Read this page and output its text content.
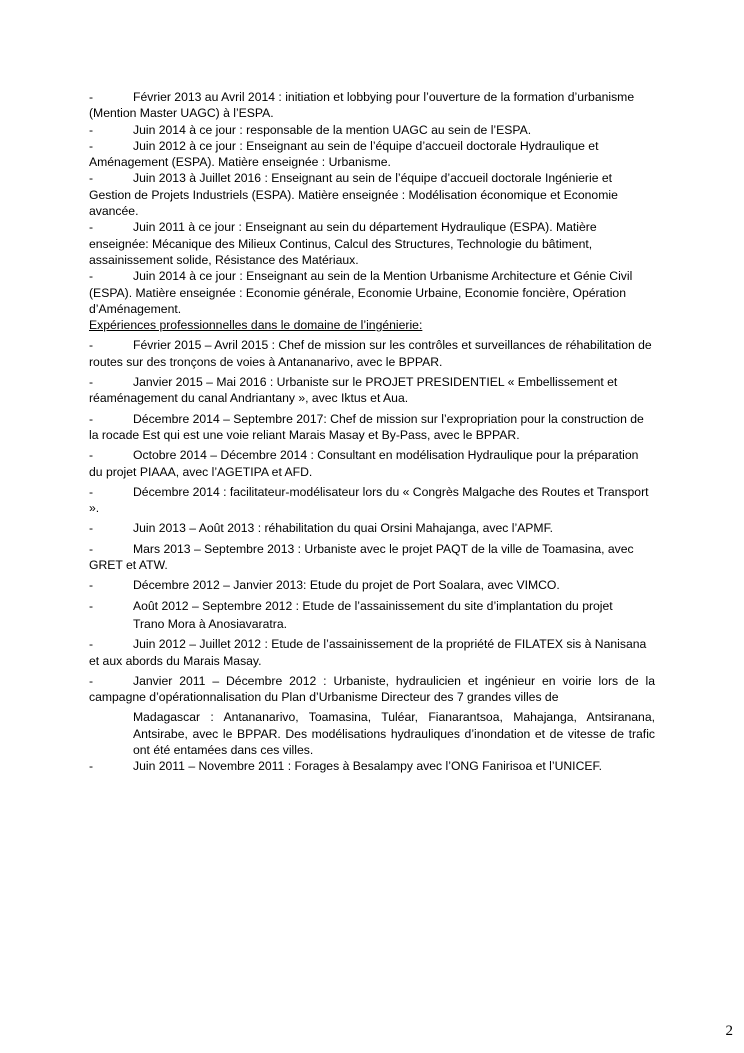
-	Février 2013 au Avril 2014 : initiation et lobbying pour l’ouverture de la formation d’urbanisme (Mention Master UAGC) à l’ESPA.

-	Juin 2014 à ce jour : responsable de la mention UAGC au sein de l’ESPA.

-	Juin 2012 à ce jour : Enseignant au sein de l’équipe d’accueil doctorale Hydraulique et Aménagement (ESPA). Matière enseignée : Urbanisme.

-	Juin 2013 à Juillet 2016 : Enseignant au sein de l’équipe d’accueil doctorale Ingénierie et Gestion de Projets Industriels (ESPA). Matière enseignée : Modélisation économique et Economie avancée.

-	Juin 2011 à ce jour : Enseignant au sein du département Hydraulique (ESPA). Matière enseignée: Mécanique des Milieux Continus, Calcul des Structures, Technologie du bâtiment, assainissement solide, Résistance des Matériaux.

-	Juin 2014 à ce jour : Enseignant au sein de la Mention Urbanisme Architecture et Génie Civil (ESPA). Matière enseignée : Economie générale, Economie Urbaine, Economie foncière, Opération d’Aménagement.

Expériences professionnelles dans le domaine de l’ingénierie:

-	Février 2015 – Avril 2015 : Chef de mission sur les contrôles et surveillances de réhabilitation de routes sur des tronçons de voies à Antananarivo, avec le BPPAR.

-	Janvier 2015 – Mai 2016 : Urbaniste sur le PROJET PRESIDENTIEL « Embellissement et réaménagement du canal Andriantany », avec Iktus et Aua.

-	Décembre 2014 – Septembre 2017: Chef de mission sur l’expropriation pour la construction de la rocade Est qui est une voie reliant Marais Masay et By-Pass, avec le BPPAR.

-	Octobre 2014 – Décembre 2014 : Consultant en modélisation Hydraulique pour la préparation du projet PIAAA, avec l’AGETIPA et AFD.

-	Décembre 2014 : facilitateur-modélisateur lors du « Congrès Malgache des Routes et Transport ».

-	Juin 2013 – Août 2013 : réhabilitation du quai Orsini Mahajanga, avec l’APMF.

-	Mars 2013 – Septembre 2013 : Urbaniste avec le projet PAQT de la ville de Toamasina, avec GRET et ATW.

-	Décembre 2012 – Janvier 2013: Etude du projet de Port Soalara, avec VIMCO.

-	Août 2012 – Septembre 2012 : Etude de l’assainissement du site d’implantation du projet

Trano Mora à Anosiavaratra.

-	Juin 2012 – Juillet 2012 : Etude de l’assainissement de la propriété de FILATEX sis à Nanisana et aux abords du Marais Masay.

-	Janvier 2011 – Décembre 2012 : Urbaniste, hydraulicien et ingénieur en voirie lors de la campagne d’opérationnalisation du Plan d’Urbanisme Directeur des 7 grandes villes de

Madagascar : Antananarivo, Toamasina, Tuléar, Fianarantsoa, Mahajanga, Antsiranana, Antsirabe, avec le BPPAR. Des modélisations hydrauliques d’inondation et de vitesse de trafic ont été entamées dans ces villes.

-	Juin 2011 – Novembre 2011 : Forages à Besalampy avec l’ONG Fanirisoa et l’UNICEF.

2
